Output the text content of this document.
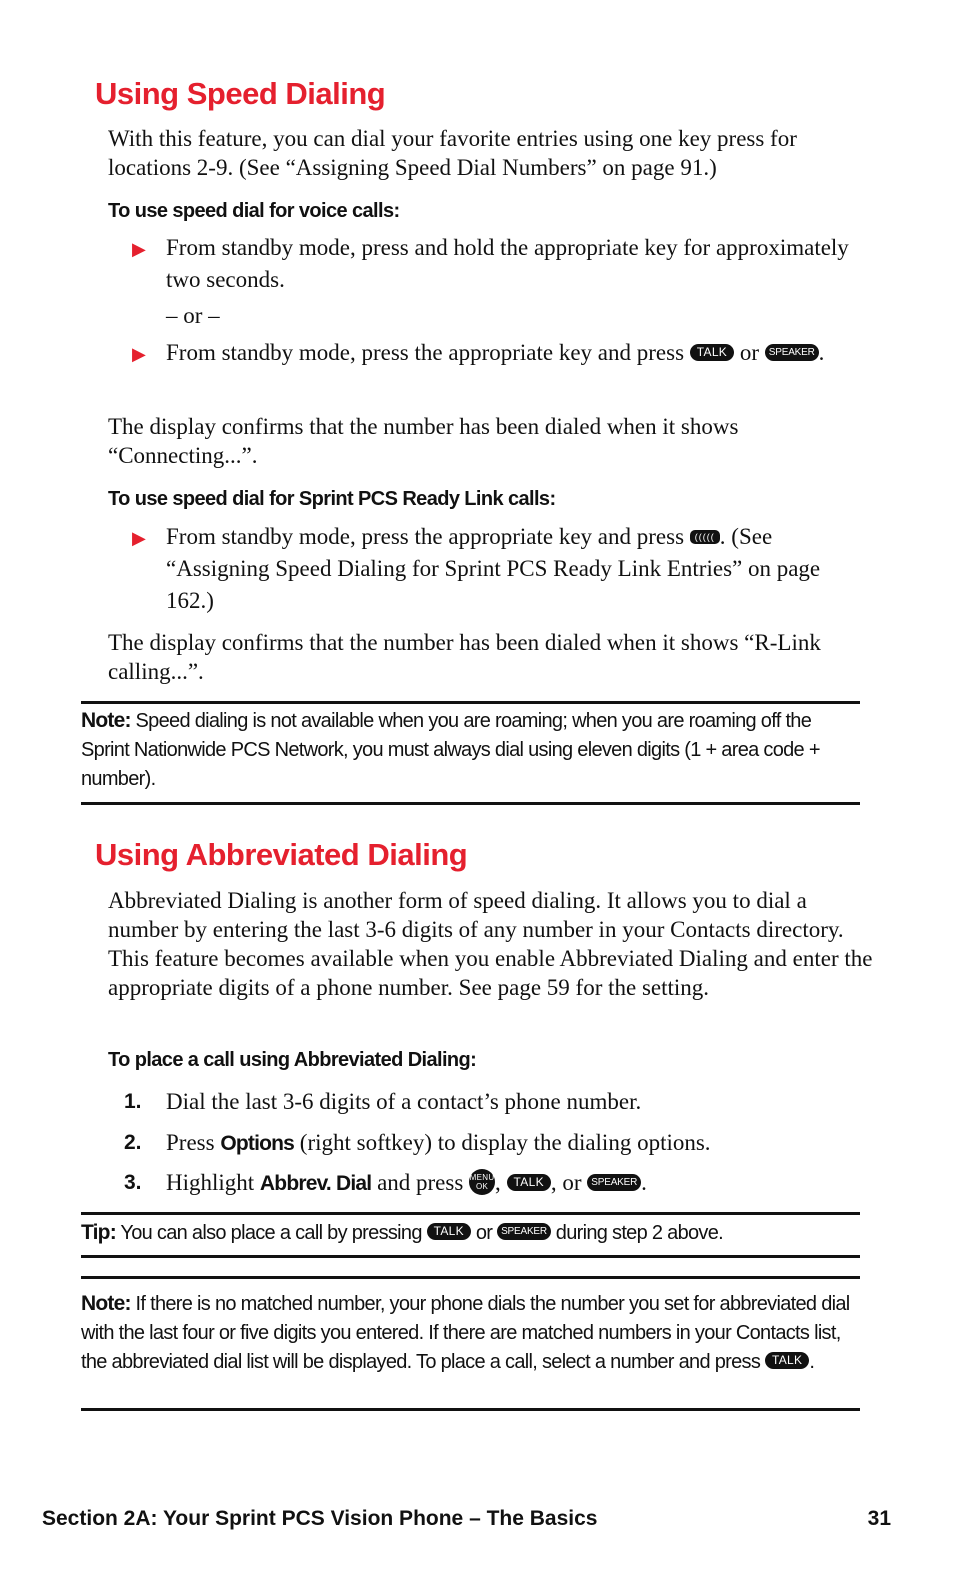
Using Speed Dialing

With this feature, you can dial your favorite entries using one key press for locations 2-9. (See “Assigning Speed Dial Numbers” on page 91.)

To use speed dial for voice calls:

▶ From standby mode, press and hold the appropriate key for approximately two seconds.

– or –

▶ From standby mode, press the appropriate key and press TALK or SPEAKER .

The display confirms that the number has been dialed when it shows “Connecting...”.

To use speed dial for Sprint PCS Ready Link calls:

▶ From standby mode, press the appropriate key and press ((((( . (See “Assigning Speed Dialing for Sprint PCS Ready Link Entries” on page 162.)

The display confirms that the number has been dialed when it shows “R-Link calling...”.

Note: Speed dialing is not available when you are roaming; when you are roaming off the Sprint Nationwide PCS Network, you must always dial using eleven digits (1 + area code + number).

Using Abbreviated Dialing

Abbreviated Dialing is another form of speed dialing. It allows you to dial a number by entering the last 3-6 digits of any number in your Contacts directory. This feature becomes available when you enable Abbreviated Dialing and enter the appropriate digits of a phone number. See page 59 for the setting.

To place a call using Abbreviated Dialing:

1. Dial the last 3-6 digits of a contact’s phone number.
2. Press Options (right softkey) to display the dialing options.
3. Highlight Abbrev. Dial and press MENU
OK , TALK , or SPEAKER .

Tip: You can also place a call by pressing TALK or SPEAKER during step 2 above.

Note: If there is no matched number, your phone dials the number you set for abbreviated dial with the last four or five digits you entered. If there are matched numbers in your Contacts list, the abbreviated dial list will be displayed. To place a call, select a number and press TALK .

Section 2A: Your Sprint PCS Vision Phone – The Basics	31
